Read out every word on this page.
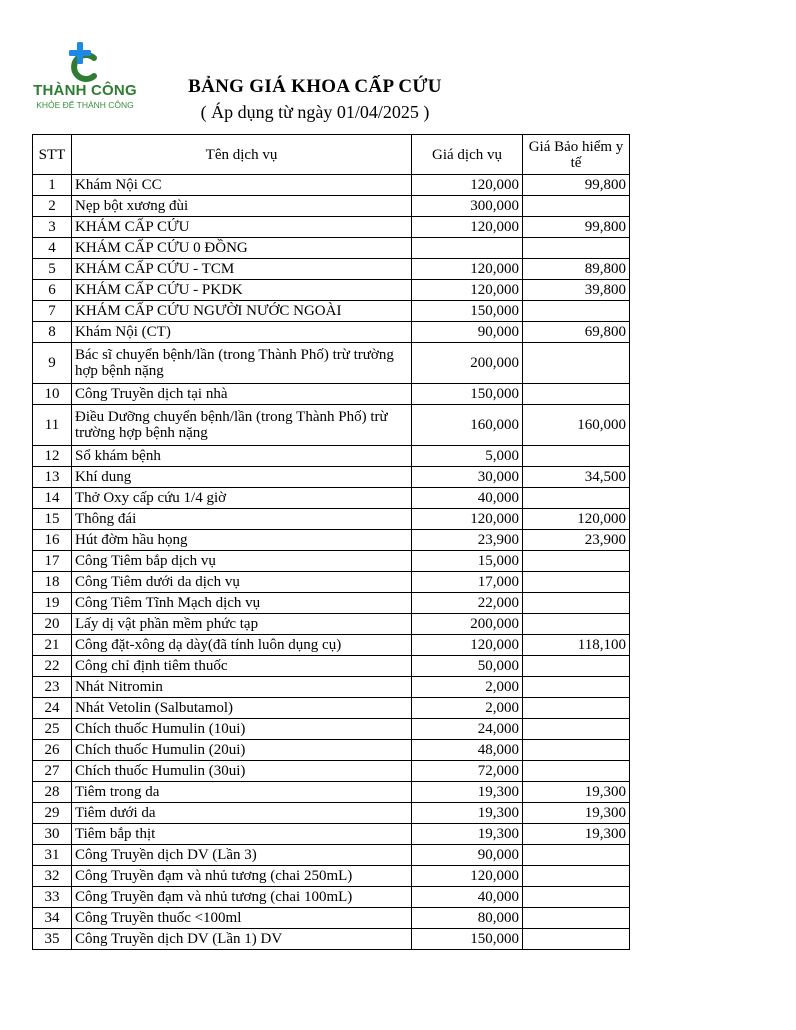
THÀNH CÔNG
KHỎE ĐỂ THÀNH CÔNG
BẢNG GIÁ KHOA CẤP CỨU
( Áp dụng từ ngày 01/04/2025 )
STT	Tên dịch vụ	Giá dịch vụ	Giá Bảo hiểm y tế
1	Khám Nội CC	120,000	99,800
2	Nẹp bột xương đùi	300,000	
3	KHÁM CẤP CỨU	120,000	99,800
4	KHÁM CẤP CỨU 0 ĐỒNG		
5	KHÁM CẤP CỨU - TCM	120,000	89,800
6	KHÁM CẤP CỨU - PKDK	120,000	39,800
7	KHÁM CẤP CỨU NGƯỜI NƯỚC NGOÀI	150,000	
8	Khám Nội (CT)	90,000	69,800
9	Bác sĩ chuyển bệnh/lần (trong Thành Phố) trừ trường hợp bệnh nặng	200,000	
10	Công Truyền dịch tại nhà	150,000	
11	Điều Dưỡng chuyển bệnh/lần (trong Thành Phố) trừ trường hợp bệnh nặng	160,000	160,000
12	Sổ khám bệnh	5,000	
13	Khí dung	30,000	34,500
14	Thở Oxy cấp cứu 1/4 giờ	40,000	
15	Thông đái	120,000	120,000
16	Hút đờm hầu họng	23,900	23,900
17	Công Tiêm bắp dịch vụ	15,000	
18	Công Tiêm dưới da dịch vụ	17,000	
19	Công Tiêm Tĩnh Mạch dịch vụ	22,000	
20	Lấy dị vật phần mềm phức tạp	200,000	
21	Công đặt-xông dạ dày(đã tính luôn dụng cụ)	120,000	118,100
22	Công chỉ định tiêm thuốc	50,000	
23	Nhát Nitromin	2,000	
24	Nhát Vetolin (Salbutamol)	2,000	
25	Chích thuốc Humulin (10ui)	24,000	
26	Chích thuốc Humulin (20ui)	48,000	
27	Chích thuốc Humulin (30ui)	72,000	
28	Tiêm trong da	19,300	19,300
29	Tiêm dưới da	19,300	19,300
30	Tiêm bắp thịt	19,300	19,300
31	Công Truyền dịch DV (Lần 3)	90,000	
32	Công Truyền đạm và nhủ tương (chai 250mL)	120,000	
33	Công Truyền đạm và nhủ tương (chai 100mL)	40,000	
34	Công Truyền thuốc <100ml	80,000	
35	Công Truyền dịch DV (Lần 1) DV	150,000	
